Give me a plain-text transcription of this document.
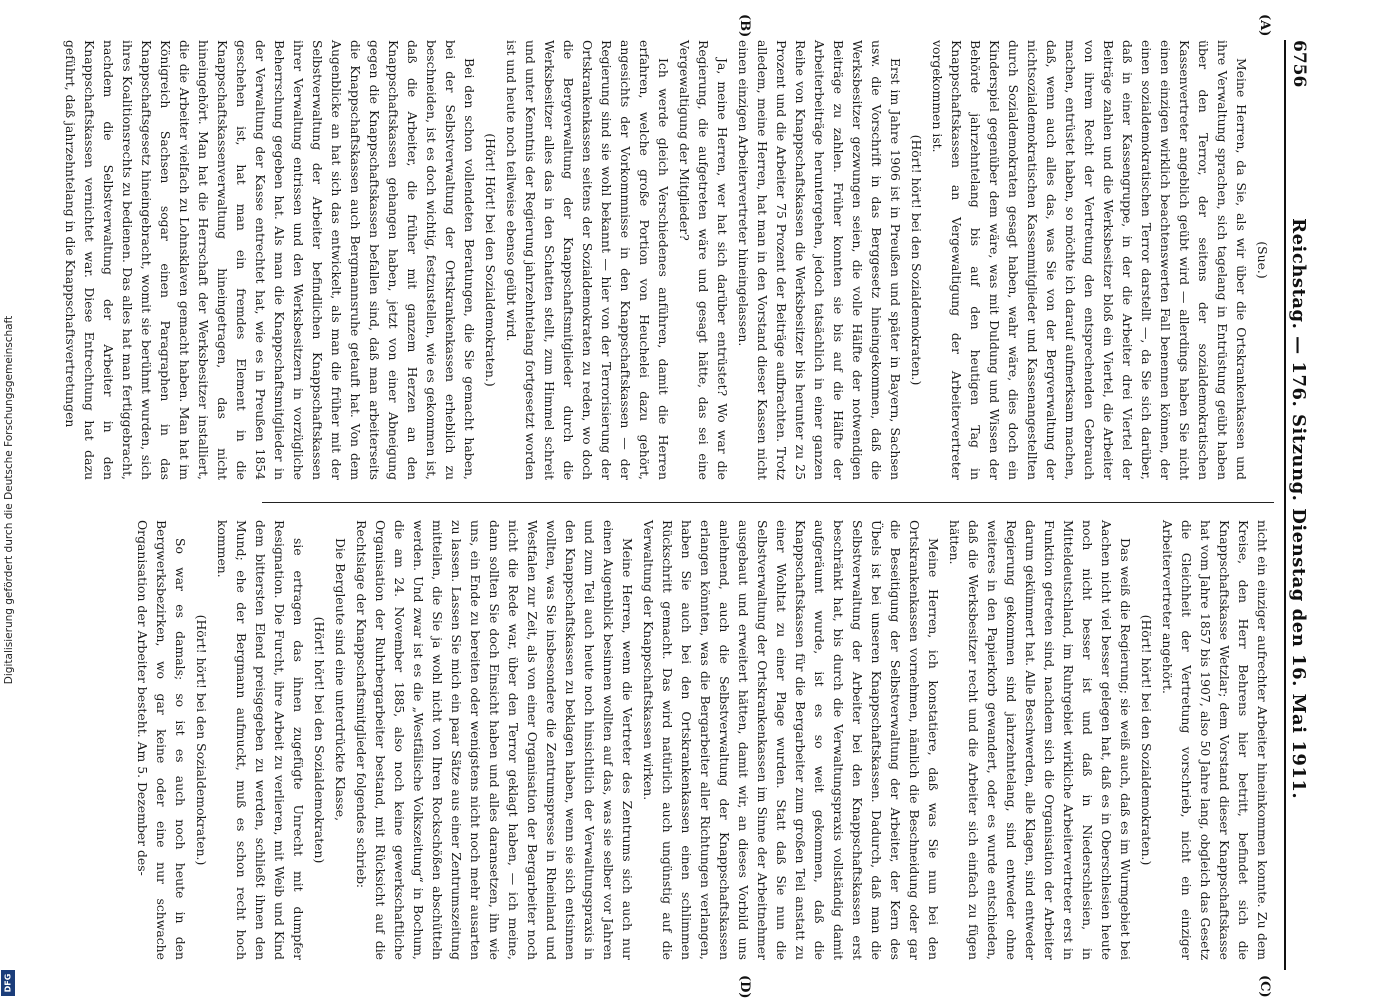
Digitalisierung gefördert durch die Deutsche Forschungsgemeinschaft
DFG
6756
Reichstag. — 176. Sitzung. Dienstag den 16. Mai 1911.
(A)
(B)
(C)
(D)

(Sue.)

Meine Herren, da Sie, als wir über die Ortskrankenkassen und ihre Verwaltung sprachen, sich tagelang in Entrüstung geübt haben über den Terror, der seitens der sozialdemokratischen Kassenvertreter angeblich geübt wird — allerdings haben Sie nicht einen einzigen wirklich beachtenswerten Fall benennen können, der einen sozialdemokratischen Terror darstellt —, da Sie sich darüber, daß in einer Kassengruppe, in der die Arbeiter drei Viertel der Beiträge zahlen und die Werksbesitzer bloß ein Viertel, die Arbeiter von ihrem Recht der Vertretung den entsprechenden Gebrauch machen, entrüstet haben, so möchte ich darauf aufmerksam machen, daß, wenn auch alles das, was Sie von der Bergverwaltung der nichtsozialdemokratischen Kassenmitglieder und Kassenangestellten durch Sozialdemokraten gesagt haben, wahr wäre, dies doch ein Kinderspiel gegenüber dem wäre, was mit Duldung und Wissen der Behörde jahrzehntelang bis auf den heutigen Tag in Knappschaftskassen an Vergewaltigung der Arbeitervertreter vorgekommen ist.

(Hört! hört! bei den Sozialdemokraten.)

Erst im Jahre 1906 ist in Preußen und später in Bayern, Sachsen usw. die Vorschrift in das Berggesetz hineingekommen, daß die Werksbesitzer gezwungen seien, die volle Hälfte der notwendigen Beiträge zu zahlen. Früher konnten sie bis auf die Hälfte der Arbeiterbeiträge heruntergehen, jedoch tatsächlich in einer ganzen Reihe von Knappschaftskassen die Werksbesitzer bis herunter zu 25 Prozent und die Arbeiter 75 Prozent der Beiträge aufbrachten. Trotz alledem, meine Herren, hat man in den Vorstand dieser Kassen nicht einen einzigen Arbeitervertreter hineingelassen.

Ja, meine Herren, wer hat sich darüber entrüstet? Wo war die Regierung, die aufgetreten wäre und gesagt hätte, das sei eine Vergewaltigung der Mitglieder?

Ich werde gleich Verschiedenes anführen, damit die Herren erfahren, welche große Portion von Heuchelei dazu gehört, angesichts der Vorkommnisse in den Knappschaftskassen — der Regierung sind sie wohl bekannt — hier von der Terrorisierung der Ortskrankenkassen seitens der Sozialdemokraten zu reden, wo doch die Bergverwaltung der Knappschaftsmitglieder durch die Werksbesitzer alles das in den Schatten stellt, zum Himmel schreit und unter Kenntnis der Regierung jahrzehntelang fortgesetzt worden ist und heute noch teilweise ebenso geübt wird.

(Hört! Hört! bei den Sozialdemokraten.)

Bei den schon vollendeten Beratungen, die Sie gemacht haben, bei der Selbstverwaltung der Ortskrankenkassen erheblich zu beschneiden, ist es doch wichtig, festzustellen, wie es gekommen ist, daß die Arbeiter, die früher mit ganzem Herzen an den Knappschaftskassen gehangen haben, jetzt von einer Abneigung gegen die Knappschaftskassen befallen sind, daß man arbeiterseits die Knappschaftskassen auch Bergmannsruhe getauft hat. Von dem Augenblicke an hat sich das entwickelt, als man die früher mit der Selbstverwaltung der Arbeiter befindlichen Knappschaftskassen ihrer Verwaltung entrissen und den Werksbesitzern in vorzügliche Beherrschung gegeben hat. Als man die Knappschaftsmitglieder in der Verwaltung der Kasse entrechtet hat, wie es in Preußen 1854 geschehen ist, hat man ein fremdes Element in die Knappschaftskassenverwaltung hineingetragen, das nicht hineingehört. Man hat die Herrschaft der Werksbesitzer installiert, die die Arbeiter vielfach zu Lohnsklaven gemacht haben. Man hat im Königreich Sachsen sogar einen Paragraphen in das Knappschaftsgesetz hineingebracht, womit sie berühmt wurden, sich ihres Koalitionsrechts zu bedienen. Das alles hat man fertiggebracht, nachdem die Selbstverwaltung der Arbeiter in den Knappschaftskassen vernichtet war. Diese Entrechtung hat dazu geführt, daß jahrzehntelang in die Knappschaftsvertretungen

nicht ein einziger aufrechter Arbeiter hineinkommen konnte. Zu dem Kreise, den Herr Behrens hier betritt, befindet sich die Knappschaftskasse Wetzlar; dem Vorstand dieser Knappschaftskasse hat vom Jahre 1857 bis 1907, also 50 Jahre lang, obgleich das Gesetz die Gleichheit der Vertretung vorschrieb, nicht ein einziger Arbeitervertreter angehört.

(Hört! hört! bei den Sozialdemokraten.)

Das weiß die Regierung; sie weiß auch, daß es im Wurmgebiet bei Aachen nicht viel besser gelegen hat, daß es in Oberschlesien heute noch nicht besser ist und daß in Niederschlesien, in Mitteldeutschland, im Ruhrgebiet wirkliche Arbeitervertreter erst in Funktion getreten sind, nachdem sich die Organisation der Arbeiter darum gekümmert hat. Alle Beschwerden, alle Klagen, sind entweder Regierung gekommen sind jahrzehntelang, sind entweder ohne weiteres in den Papierkorb gewandert, oder es wurde entschieden, daß die Werksbesitzer recht und die Arbeiter sich einfach zu fügen hätten.

Meine Herren, ich konstatiere, daß was Sie nun bei den Ortskrankenkassen vornehmen, nämlich die Beschneidung oder gar die Beseitigung der Selbstverwaltung der Arbeiter, der Kern des Übels ist bei unseren Knappschaftskassen. Dadurch, daß man die Selbstverwaltung der Arbeiter bei den Knappschaftskassen erst beschränkt hat, bis durch die Verwaltungspraxis vollständig damit aufgeräumt wurde, ist es so weit gekommen, daß die Knappschaftskassen für die Bergarbeiter zum großen Teil anstatt zu einer Wohltat zu einer Plage wurden. Statt daß Sie nun die Selbstverwaltung der Ortskrankenkassen im Sinne der Arbeitnehmer ausgebaut und erweitert hätten, damit wir, an dieses Vorbild uns anlehnend, auch die Selbstverwaltung der Knappschaftskassen erlangen könnten, was die Bergarbeiter aller Richtungen verlangen, haben Sie auch bei den Ortskrankenkassen einen schlimmen Rückschritt gemacht. Das wird natürlich auch ungünstig auf die Verwaltung der Knappschaftskassen wirken.

Meine Herren, wenn die Vertreter des Zentrums sich auch nur einen Augenblick besinnen wollten auf das, was sie selber vor Jahren und zum Teil auch heute noch hinsichtlich der Verwaltungspraxis in den Knappschaftskassen zu beklagen haben, wenn sie sich entsinnen wollten, was Sie insbesondere die Zentrumspresse in Rheinland und Westfalen zur Zeit, als von einer Organisation der Bergarbeiter noch nicht die Rede war, über den Terror geklagt haben, — ich meine, dann sollten Sie doch Einsicht haben und alles daransetzen, ihn wie uns, ein Ende zu bereiten oder wenigstens nicht noch mehr ausarten zu lassen. Lassen Sie mich ein paar Sätze aus einer Zentrumszeitung mitteilen, die Sie ja wohl nicht von Ihren Rockschößen abschütteln werden. Und zwar ist es die „Westfälische Volkszeitung“ in Bochum, die am 24. November 1885, also noch keine gewerkschaftliche Organisation der Ruhrbergarbeiter bestand, mit Rücksicht auf die Rechtslage der Knappschaftsmitglieder folgendes schrieb:

Die Bergleute sind eine unterdrückte Klasse,

(Hört! hört! bei den Sozialdemokraten)

sie ertragen das ihnen zugefügte Unrecht mit dumpfer Resignation. Die Furcht, ihre Arbeit zu verlieren, mit Weib und Kind dem bittersten Elend preisgegeben zu werden, schließt ihnen den Mund; ehe der Bergmann aufmuckt, muß es schon recht hoch kommen.

(Hört! hört! bei den Sozialdemokraten.)

So war es damals; so ist es auch noch heute in den Bergwerksbezirken, wo gar keine oder eine nur schwache Organisation der Arbeiter besteht. Am 5. Dezember des-
